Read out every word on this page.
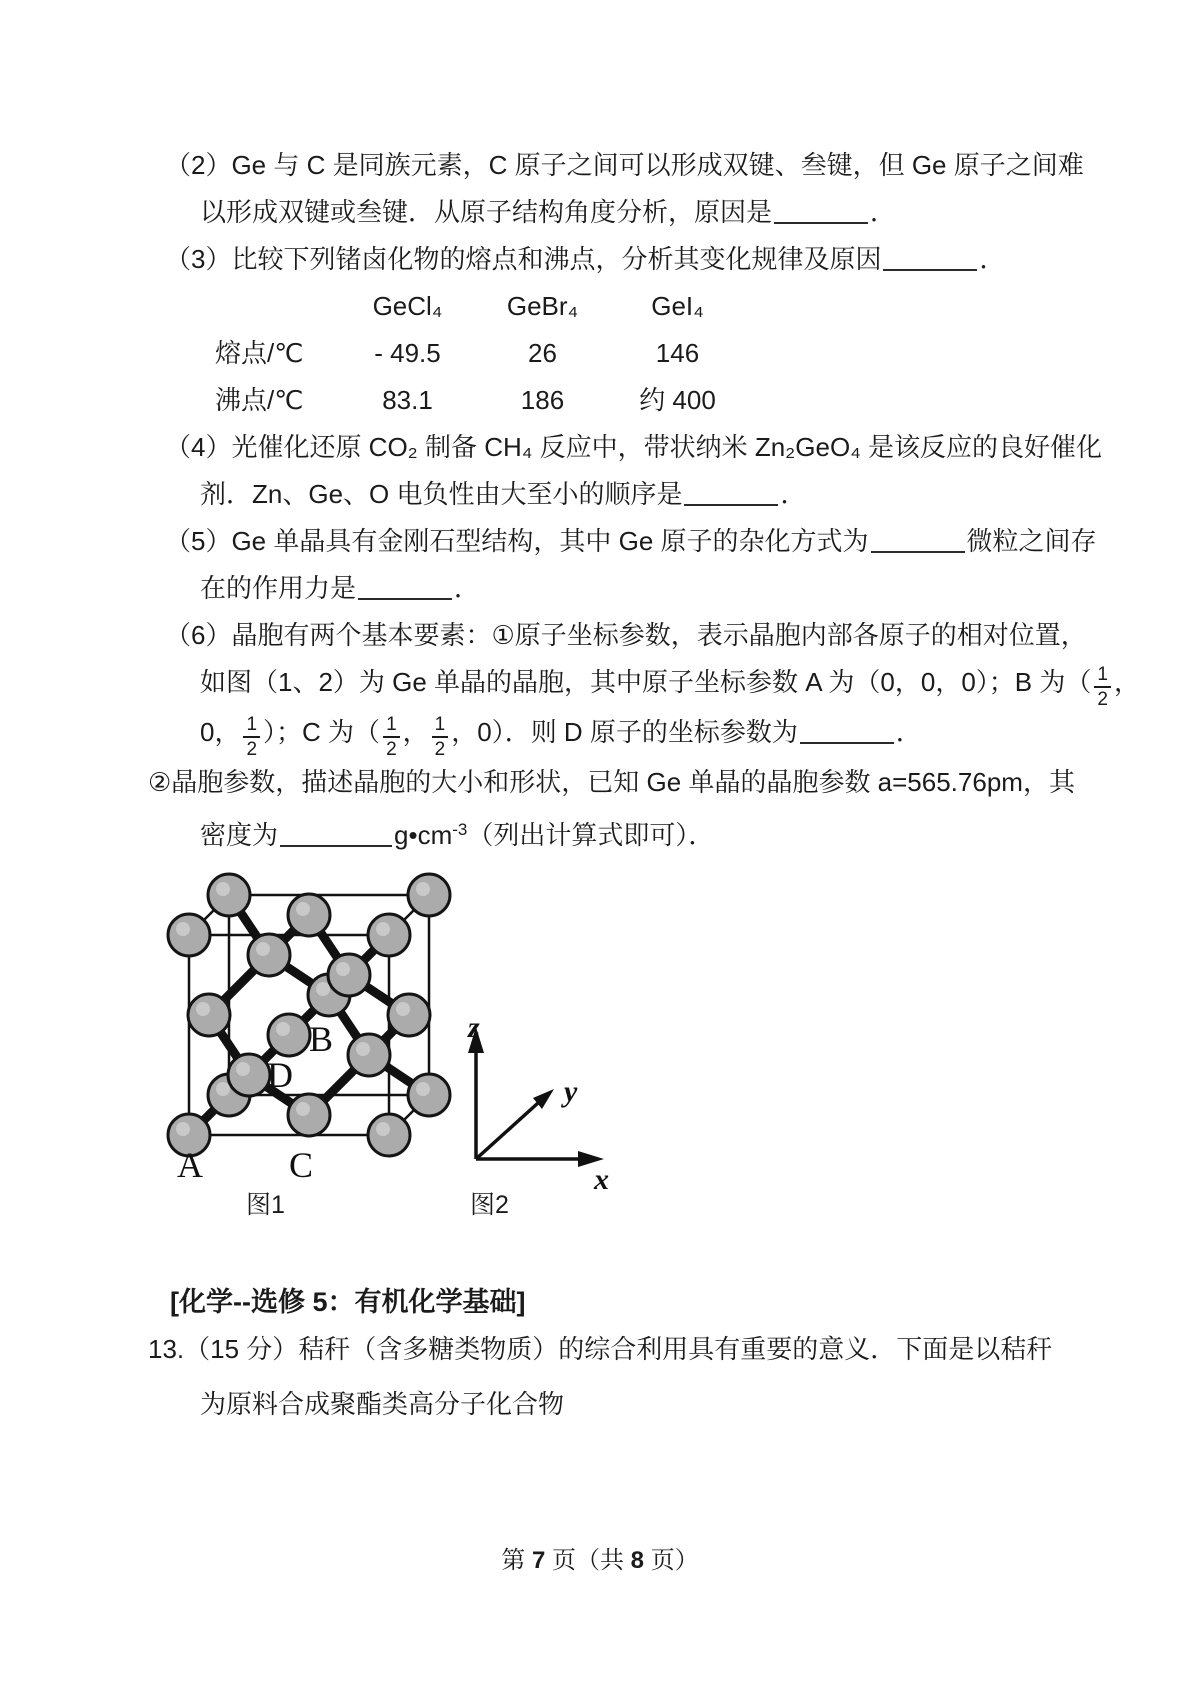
（2）Ge 与 C 是同族元素，C 原子之间可以形成双键、叁键，但 Ge 原子之间难
以形成双键或叁键．从原子结构角度分析，原因是	．
（3）比较下列锗卤化物的熔点和沸点，分析其变化规律及原因	．
GeCl₄	GeBr₄	GeI₄
熔点/℃	- 49.5	26	146
沸点/℃	83.1	186	约 400
（4）光催化还原 CO₂ 制备 CH₄ 反应中，带状纳米 Zn₂GeO₄ 是该反应的良好催化
剂．Zn、Ge、O 电负性由大至小的顺序是	．
（5）Ge 单晶具有金刚石型结构，其中 Ge 原子的杂化方式为	微粒之间存
在的作用力是	．
（6）晶胞有两个基本要素：①原子坐标参数，表示晶胞内部各原子的相对位置，
如图（1、2）为 Ge 单晶的晶胞，其中原子坐标参数 A 为（0，0，0）；B 为（ $\frac{1}{2}$ ，
0， $\frac{1}{2}$ ）；C 为（ $\frac{1}{2}$ ， $\frac{1}{2}$ ，0）．则 D 原子的坐标参数为	．
②晶胞参数，描述晶胞的大小和形状，已知 Ge 单晶的晶胞参数 a=565.76pm，其
密度为	$g•cm^{-3}$（列出计算式即可）．
A
B
C
D
z
x
y
图1	图2
[化学--选修 5：有机化学基础]
13.（15 分）秸秆（含多糖类物质）的综合利用具有重要的意义．下面是以秸秆
为原料合成聚酯类高分子化合物
第 7 页（共 8 页）
